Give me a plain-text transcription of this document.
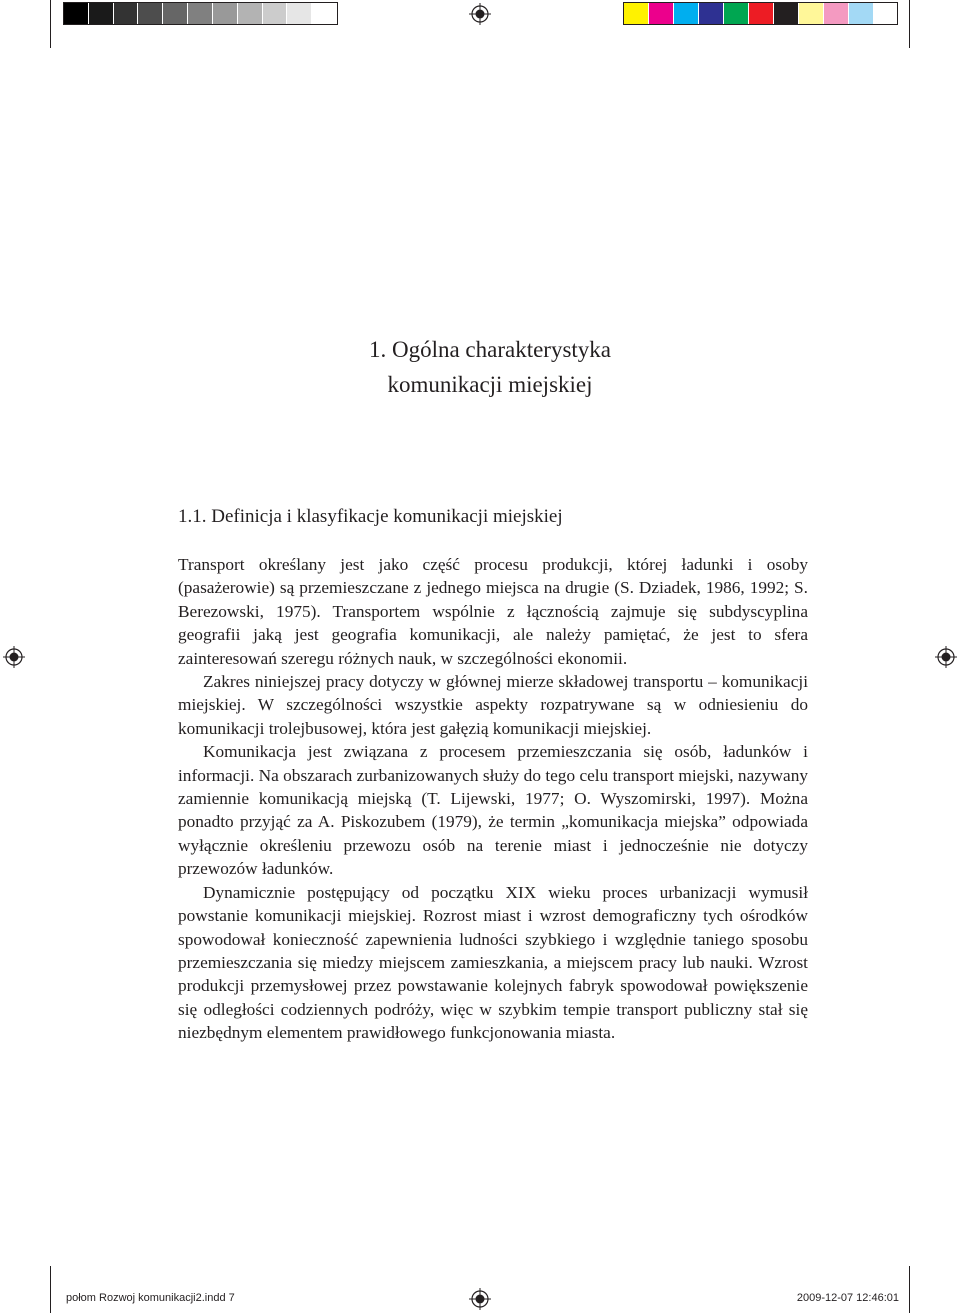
1. Ogólna charakterystyka
komunikacji miejskiej
1.1. Definicja i klasyfikacje komunikacji miejskiej

Transport określany jest jako część procesu produkcji, której ładunki i osoby (pasażerowie) są przemieszczane z jednego miejsca na drugie (S. Dziadek, 1986, 1992; S. Berezowski, 1975). Transportem wspólnie z łącznością zajmuje się subdyscyplina geografii jaką jest geografia komunikacji, ale należy pamiętać, że jest to sfera zainteresowań szeregu różnych nauk, w szczególności ekonomii.

Zakres niniejszej pracy dotyczy w głównej mierze składowej transportu – komunikacji miejskiej. W szczególności wszystkie aspekty rozpatrywane są w odniesieniu do komunikacji trolejbusowej, która jest gałęzią komunikacji miejskiej.

Komunikacja jest związana z procesem przemieszczania się osób, ładunków i informacji. Na obszarach zurbanizowanych służy do tego celu transport miejski, nazywany zamiennie komunikacją miejską (T. Lijewski, 1977; O. Wyszomirski, 1997). Można ponadto przyjąć za A. Piskozubem (1979), że termin „komunikacja miejska” odpowiada wyłącznie określeniu przewozu osób na terenie miast i jednocześnie nie dotyczy przewozów ładunków.

Dynamicznie postępujący od początku XIX wieku proces urbanizacji wymusił powstanie komunikacji miejskiej. Rozrost miast i wzrost demograficzny tych ośrodków spowodował konieczność zapewnienia ludności szybkiego i względnie taniego sposobu przemieszczania się miedzy miejscem zamieszkania, a miejscem pracy lub nauki. Wzrost produkcji przemysłowej przez powstawanie kolejnych fabryk spowodował powiększenie się odległości codziennych podróży, więc w szybkim tempie transport publiczny stał się niezbędnym elementem prawidłowego funkcjonowania miasta.

połom Rozwoj komunikacji2.indd 7	2009-12-07 12:46:01
